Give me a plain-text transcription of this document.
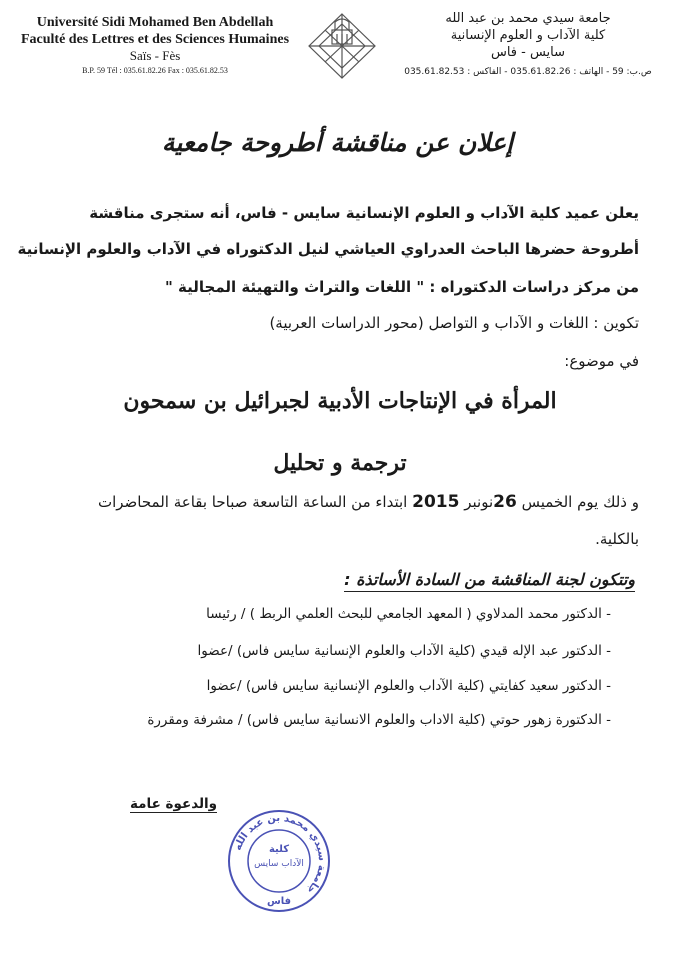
Université Sidi Mohamed Ben Abdellah
Faculté des Lettres et des Sciences Humaines
Saïs - Fès
B.P. 59 Tél : 035.61.82.26 Fax : 035.61.82.53
جامعة سيدي محمد بن عبد الله
كلية الآداب و العلوم الإنسانية
سايس - فاس
ص.ب: 59 - الهاتف : 035.61.82.26 - الفاكس : 035.61.82.53
إعلان عن مناقشة أطروحة جامعية
يعلن عميد كلية الآداب و العلوم الإنسانية سايس - فاس، أنه ستجرى مناقشة
أطروحة حضرها الباحث العدراوي العياشي لنيل الدكتوراه في الآداب والعلوم الإنسانية
من مركز دراسات الدكتوراه : " اللغات والتراث والتهيئة المجالية "
تكوين : اللغات و الآداب و التواصل (محور الدراسات العربية)
في موضوع:
المرأة في الإنتاجات الأدبية لجبرائيل بن سمحون
ترجمة و تحليل
و ذلك يوم الخميس 26نونبر 2015 ابتداء من الساعة التاسعة صباحا بقاعة المحاضرات
بالكلية.
وتتكون لجنة المناقشة من السادة الأساتذة :
- الدكتور محمد المدلاوي ( المعهد الجامعي للبحث العلمي الربط ) / رئيسا
- الدكتور عبد الإله قيدي (كلية الآداب والعلوم الإنسانية سايس فاس) /عضوا
- الدكتور سعيد كفايتي (كلية الآداب والعلوم الإنسانية سايس فاس) /عضوا
- الدكتورة زهور حوتي (كلية الاداب والعلوم الانسانية سايس فاس) / مشرفة ومقررة
والدعوة عامة
جامعة سيدي محمد بن عبد الله
كلية
الآداب سايس
فاس
